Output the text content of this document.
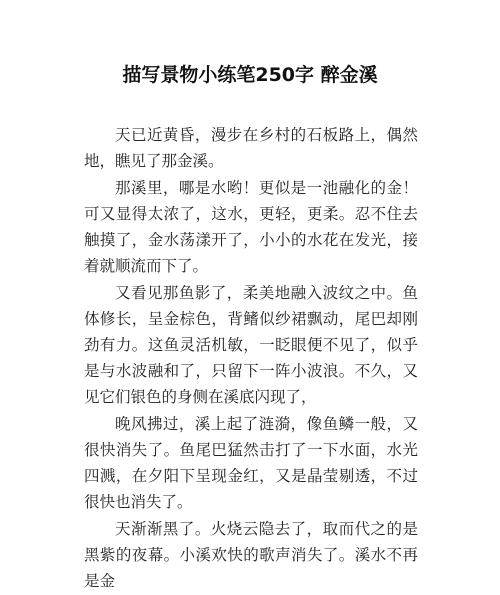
描写景物小练笔250字 醉金溪

天已近黄昏，漫步在乡村的石板路上，偶然地，瞧见了那金溪。

那溪里，哪是水哟！更似是一池融化的金！可又显得太浓了，这水，更轻，更柔。忍不住去触摸了，金水荡漾开了，小小的水花在发光，接着就顺流而下了。

又看见那鱼影了，柔美地融入波纹之中。鱼体修长，呈金棕色，背鳍似纱裙飘动，尾巴却刚劲有力。这鱼灵活机敏，一眨眼便不见了，似乎是与水波融和了，只留下一阵小波浪。不久，又见它们银色的身侧在溪底闪现了，

晚风拂过，溪上起了涟漪，像鱼鳞一般，又很快消失了。鱼尾巴猛然击打了一下水面，水光四溅，在夕阳下呈现金红，又是晶莹剔透，不过很快也消失了。

天渐渐黑了。火烧云隐去了，取而代之的是黑紫的夜幕。小溪欢快的歌声消失了。溪水不再是金
